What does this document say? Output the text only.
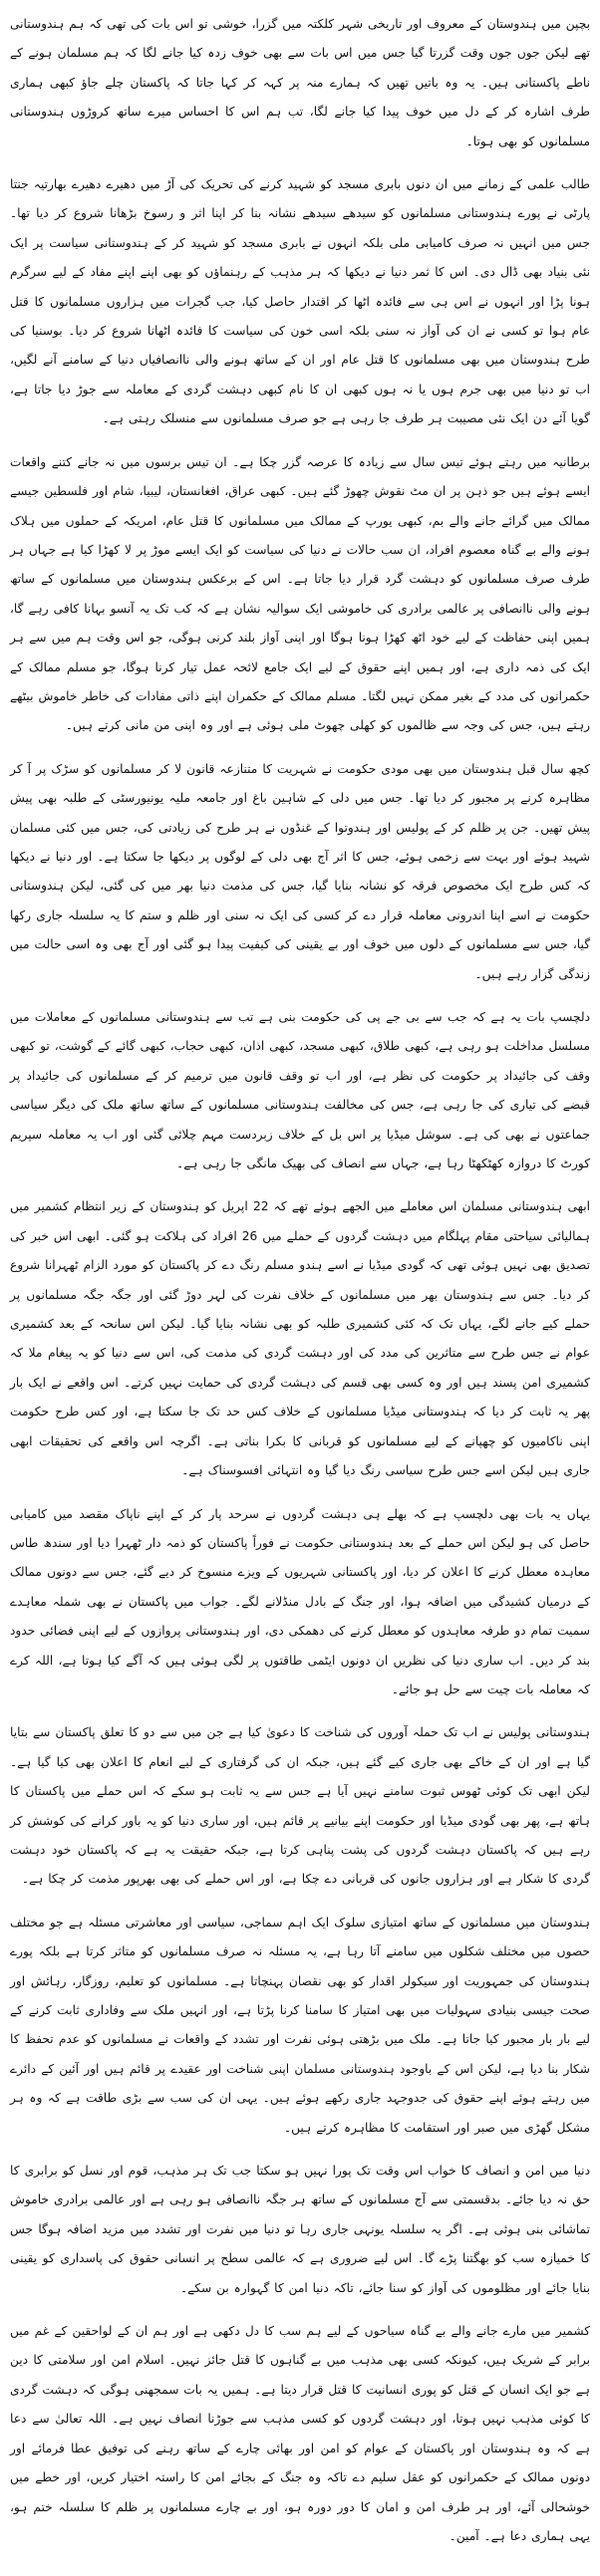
بچپن میں ہندوستان کے معروف اور تاریخی شہر کلکتہ میں گزرا، خوشی تو اس بات کی تھی کہ ہم ہندوستانی تھے لیکن جوں جوں وقت گزرتا گیا جس میں اس بات سے بھی خوف زدہ کیا جانے لگا کہ ہم مسلمان ہونے کے ناطے پاکستانی ہیں۔ یہ وہ باتیں تھیں کہ ہمارے منہ پر کہہ کر کہا جاتا کہ پاکستان چلے جاؤ کبھی ہماری طرف اشارہ کر کے دل میں خوف پیدا کیا جانے لگا، تب ہم اس کا احساس میرے ساتھ کروڑوں ہندوستانی مسلمانوں کو بھی ہوتا۔

طالب علمی کے زمانے میں ان دنوں بابری مسجد کو شہید کرنے کی تحریک کی آڑ میں دھیرے دھیرے بھارتیہ جنتا پارٹی نے پورے ہندوستانی مسلمانوں کو سیدھے سیدھے نشانہ بنا کر اپنا اثر و رسوخ بڑھانا شروع کر دیا تھا۔ جس میں انہیں نہ صرف کامیابی ملی بلکہ انہوں نے بابری مسجد کو شہید کر کے ہندوستانی سیاست پر ایک نئی بنیاد بھی ڈال دی۔ اس کا ثمر دنیا نے دیکھا کہ ہر مذہب کے رہنماؤں کو بھی اپنے اپنے مفاد کے لیے سرگرم ہونا پڑا اور انہوں نے اس ہی سے فائدہ اٹھا کر اقتدار حاصل کیا، جب گجرات میں ہزاروں مسلمانوں کا قتل عام ہوا تو کسی نے ان کی آواز نہ سنی بلکہ اسی خون کی سیاست کا فائدہ اٹھانا شروع کر دیا۔ بوسنیا کی طرح ہندوستان میں بھی مسلمانوں کا قتل عام اور ان کے ساتھ ہونے والی ناانصافیاں دنیا کے سامنے آنے لگیں، اب تو دنیا میں بھی جرم ہوں یا نہ ہوں کبھی ان کا نام کبھی دہشت گردی کے معاملہ سے جوڑ دیا جاتا ہے، گویا آئے دن ایک نئی مصیبت ہر طرف جا رہی ہے جو صرف مسلمانوں سے منسلک رہتی ہے۔

برطانیہ میں رہتے ہوئے تیس سال سے زیادہ کا عرصہ گزر چکا ہے۔ ان تیس برسوں میں نہ جانے کتنے واقعات ایسے ہوئے ہیں جو ذہن پر ان مٹ نقوش چھوڑ گئے ہیں۔ کبھی عراق، افغانستان، لیبیا، شام اور فلسطین جیسے ممالک میں گرائے جانے والے بم، کبھی یورپ کے ممالک میں مسلمانوں کا قتل عام، امریکہ کے حملوں میں ہلاک ہونے والے بے گناہ معصوم افراد، ان سب حالات نے دنیا کی سیاست کو ایک ایسے موڑ پر لا کھڑا کیا ہے جہاں ہر طرف صرف مسلمانوں کو دہشت گرد قرار دیا جاتا ہے۔ اس کے برعکس ہندوستان میں مسلمانوں کے ساتھ ہونے والی ناانصافی پر عالمی برادری کی خاموشی ایک سوالیہ نشان ہے کہ کب تک یہ آنسو بہانا کافی رہے گا، ہمیں اپنی حفاظت کے لیے خود اٹھ کھڑا ہونا ہوگا اور اپنی آواز بلند کرنی ہوگی، جو اس وقت ہم میں سے ہر ایک کی ذمہ داری ہے، اور ہمیں اپنے حقوق کے لیے ایک جامع لائحہ عمل تیار کرنا ہوگا، جو مسلم ممالک کے حکمرانوں کی مدد کے بغیر ممکن نہیں لگتا۔ مسلم ممالک کے حکمران اپنے ذاتی مفادات کی خاطر خاموش بیٹھے رہتے ہیں، جس کی وجہ سے ظالموں کو کھلی چھوٹ ملی ہوئی ہے اور وہ اپنی من مانی کرتے ہیں۔

کچھ سال قبل ہندوستان میں بھی مودی حکومت نے شہریت کا متنازعہ قانون لا کر مسلمانوں کو سڑک پر آ کر مظاہرہ کرنے پر مجبور کر دیا تھا۔ جس میں دلی کے شاہین باغ اور جامعہ ملیہ یونیورسٹی کے طلبہ بھی پیش پیش تھیں۔ جن پر ظلم کر کے پولیس اور ہندوتوا کے غنڈوں نے ہر طرح کی زیادتی کی، جس میں کئی مسلمان شہید ہوئے اور بہت سے زخمی ہوئے، جس کا اثر آج بھی دلی کے لوگوں پر دیکھا جا سکتا ہے۔ اور دنیا نے دیکھا کہ کس طرح ایک مخصوص فرقہ کو نشانہ بنایا گیا، جس کی مذمت دنیا بھر میں کی گئی، لیکن ہندوستانی حکومت نے اسے اپنا اندرونی معاملہ قرار دے کر کسی کی ایک نہ سنی اور ظلم و ستم کا یہ سلسلہ جاری رکھا گیا، جس سے مسلمانوں کے دلوں میں خوف اور بے یقینی کی کیفیت پیدا ہو گئی اور آج بھی وہ اسی حالت میں زندگی گزار رہے ہیں۔

دلچسپ بات یہ ہے کہ جب سے بی جے پی کی حکومت بنی ہے تب سے ہندوستانی مسلمانوں کے معاملات میں مسلسل مداخلت ہو رہی ہے، کبھی طلاق، کبھی مسجد، کبھی اذان، کبھی حجاب، کبھی گائے کے گوشت، تو کبھی وقف کی جائیداد پر حکومت کی نظر ہے، اور اب تو وقف قانون میں ترمیم کر کے مسلمانوں کی جائیداد پر قبضے کی تیاری کی جا رہی ہے، جس کی مخالفت ہندوستانی مسلمانوں کے ساتھ ساتھ ملک کی دیگر سیاسی جماعتوں نے بھی کی ہے۔ سوشل میڈیا پر اس بل کے خلاف زبردست مہم چلائی گئی اور اب یہ معاملہ سپریم کورٹ کا دروازہ کھٹکھٹا رہا ہے، جہاں سے انصاف کی بھیک مانگی جا رہی ہے۔

ابھی ہندوستانی مسلمان اس معاملے میں الجھے ہوئے تھے کہ 22 اپریل کو ہندوستان کے زیر انتظام کشمیر میں ہمالیائی سیاحتی مقام پہلگام میں دہشت گردوں کے حملے میں 26 افراد کی ہلاکت ہو گئی۔ ابھی اس خبر کی تصدیق بھی نہیں ہوئی تھی کہ گودی میڈیا نے اسے ہندو مسلم رنگ دے کر پاکستان کو مورد الزام ٹھہرانا شروع کر دیا۔ جس سے ہندوستان بھر میں مسلمانوں کے خلاف نفرت کی لہر دوڑ گئی اور جگہ جگہ مسلمانوں پر حملے کیے جانے لگے، یہاں تک کہ کئی کشمیری طلبہ کو بھی نشانہ بنایا گیا۔ لیکن اس سانحہ کے بعد کشمیری عوام نے جس طرح سے متاثرین کی مدد کی اور دہشت گردی کی مذمت کی، اس سے دنیا کو یہ پیغام ملا کہ کشمیری امن پسند ہیں اور وہ کسی بھی قسم کی دہشت گردی کی حمایت نہیں کرتے۔ اس واقعے نے ایک بار پھر یہ ثابت کر دیا کہ ہندوستانی میڈیا مسلمانوں کے خلاف کس حد تک جا سکتا ہے، اور کس طرح حکومت اپنی ناکامیوں کو چھپانے کے لیے مسلمانوں کو قربانی کا بکرا بناتی ہے۔ اگرچہ اس واقعے کی تحقیقات ابھی جاری ہیں لیکن اسے جس طرح سیاسی رنگ دیا گیا وہ انتہائی افسوسناک ہے۔

یہاں یہ بات بھی دلچسپ ہے کہ بھلے ہی دہشت گردوں نے سرحد پار کر کے اپنے ناپاک مقصد میں کامیابی حاصل کی ہو لیکن اس حملے کے بعد ہندوستانی حکومت نے فوراً پاکستان کو ذمہ دار ٹھہرا دیا اور سندھ طاس معاہدہ معطل کرنے کا اعلان کر دیا، اور پاکستانی شہریوں کے ویزے منسوخ کر دیے گئے، جس سے دونوں ممالک کے درمیان کشیدگی میں اضافہ ہوا، اور جنگ کے بادل منڈلانے لگے۔ جواب میں پاکستان نے بھی شملہ معاہدے سمیت تمام دو طرفہ معاہدوں کو معطل کرنے کی دھمکی دی، اور ہندوستانی پروازوں کے لیے اپنی فضائی حدود بند کر دیں۔ اب ساری دنیا کی نظریں ان دونوں ایٹمی طاقتوں پر لگی ہوئی ہیں کہ آگے کیا ہوتا ہے، اللہ کرے کہ معاملہ بات چیت سے حل ہو جائے۔

ہندوستانی پولیس نے اب تک حملہ آوروں کی شناخت کا دعویٰ کیا ہے جن میں سے دو کا تعلق پاکستان سے بتایا گیا ہے اور ان کے خاکے بھی جاری کیے گئے ہیں، جبکہ ان کی گرفتاری کے لیے انعام کا اعلان بھی کیا گیا ہے۔ لیکن ابھی تک کوئی ٹھوس ثبوت سامنے نہیں آیا ہے جس سے یہ ثابت ہو سکے کہ اس حملے میں پاکستان کا ہاتھ ہے، پھر بھی گودی میڈیا اور حکومت اپنے بیانیے پر قائم ہیں، اور ساری دنیا کو یہ باور کرانے کی کوشش کر رہے ہیں کہ پاکستان دہشت گردوں کی پشت پناہی کرتا ہے، جبکہ حقیقت یہ ہے کہ پاکستان خود دہشت گردی کا شکار ہے اور ہزاروں جانوں کی قربانی دے چکا ہے، اور اس حملے کی بھی بھرپور مذمت کر چکا ہے۔

ہندوستان میں مسلمانوں کے ساتھ امتیازی سلوک ایک اہم سماجی، سیاسی اور معاشرتی مسئلہ ہے جو مختلف حصوں میں مختلف شکلوں میں سامنے آتا رہا ہے، یہ مسئلہ نہ صرف مسلمانوں کو متاثر کرتا ہے بلکہ پورے ہندوستان کی جمہوریت اور سیکولر اقدار کو بھی نقصان پہنچاتا ہے۔ مسلمانوں کو تعلیم، روزگار، رہائش اور صحت جیسی بنیادی سہولیات میں بھی امتیاز کا سامنا کرنا پڑتا ہے، اور انہیں ملک سے وفاداری ثابت کرنے کے لیے بار بار مجبور کیا جاتا ہے۔ ملک میں بڑھتی ہوئی نفرت اور تشدد کے واقعات نے مسلمانوں کو عدم تحفظ کا شکار بنا دیا ہے، لیکن اس کے باوجود ہندوستانی مسلمان اپنی شناخت اور عقیدے پر قائم ہیں اور آئین کے دائرے میں رہتے ہوئے اپنے حقوق کی جدوجہد جاری رکھے ہوئے ہیں۔ یہی ان کی سب سے بڑی طاقت ہے کہ وہ ہر مشکل گھڑی میں صبر اور استقامت کا مظاہرہ کرتے ہیں۔

دنیا میں امن و انصاف کا خواب اس وقت تک پورا نہیں ہو سکتا جب تک ہر مذہب، قوم اور نسل کو برابری کا حق نہ دیا جائے۔ بدقسمتی سے آج مسلمانوں کے ساتھ ہر جگہ ناانصافی ہو رہی ہے اور عالمی برادری خاموش تماشائی بنی ہوئی ہے۔ اگر یہ سلسلہ یونہی جاری رہا تو دنیا میں نفرت اور تشدد میں مزید اضافہ ہوگا جس کا خمیازہ سب کو بھگتنا پڑے گا۔ اس لیے ضروری ہے کہ عالمی سطح پر انسانی حقوق کی پاسداری کو یقینی بنایا جائے اور مظلوموں کی آواز کو سنا جائے، تاکہ دنیا امن کا گہوارہ بن سکے۔

کشمیر میں مارے جانے والے بے گناہ سیاحوں کے لیے ہم سب کا دل دکھی ہے اور ہم ان کے لواحقین کے غم میں برابر کے شریک ہیں، کیونکہ کسی بھی مذہب میں بے گناہوں کا قتل جائز نہیں۔ اسلام امن اور سلامتی کا دین ہے جو ایک انسان کے قتل کو پوری انسانیت کا قتل قرار دیتا ہے۔ ہمیں یہ بات سمجھنی ہوگی کہ دہشت گردی کا کوئی مذہب نہیں ہوتا، اور دہشت گردوں کو کسی مذہب سے جوڑنا انصاف نہیں ہے۔ اللہ تعالیٰ سے دعا ہے کہ وہ ہندوستان اور پاکستان کے عوام کو امن اور بھائی چارے کے ساتھ رہنے کی توفیق عطا فرمائے اور دونوں ممالک کے حکمرانوں کو عقل سلیم دے تاکہ وہ جنگ کے بجائے امن کا راستہ اختیار کریں، اور خطے میں خوشحالی آئے، اور ہر طرف امن و امان کا دور دورہ ہو، اور بے چارے مسلمانوں پر ظلم کا سلسلہ ختم ہو، یہی ہماری دعا ہے۔ آمین۔
